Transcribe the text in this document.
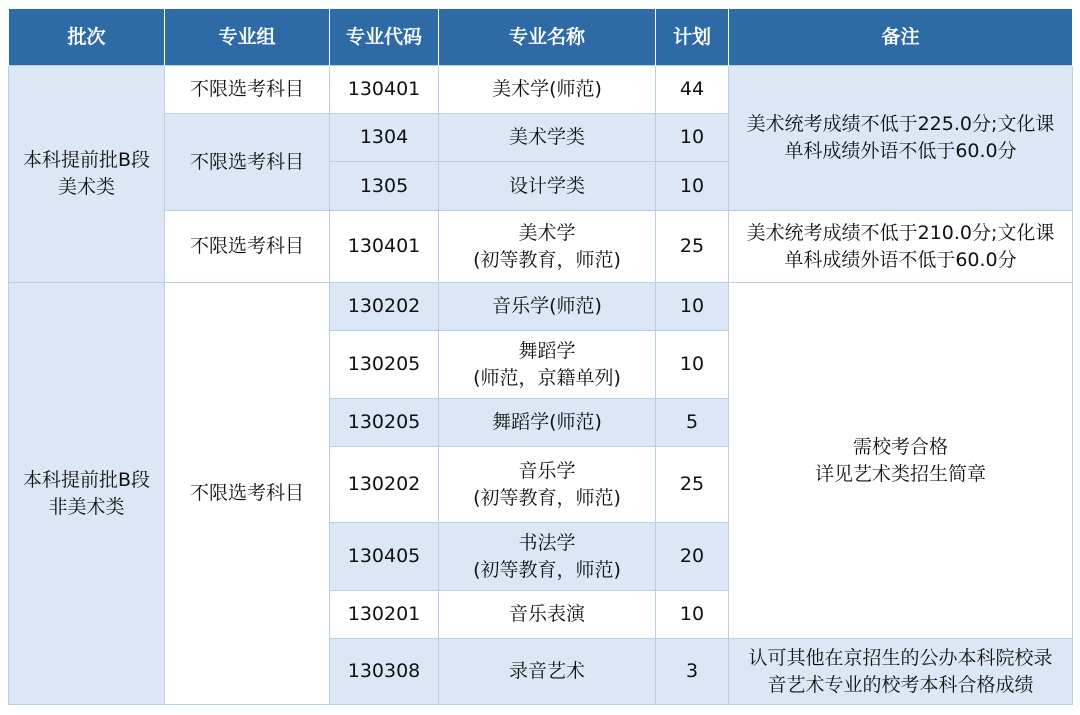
批次	专业组	专业代码	专业名称	计划	备注

本科提前批B段
美术类	不限选考科目	130401	美术学(师范)	44	美术统考成绩不低于225.0分;文化课
单科成绩外语不低于60.0分

	不限选考科目	1304	美术学类	10	
		1305	设计学类	10	
	不限选考科目	130401	美术学
(初等教育，师范)	25	美术统考成绩不低于210.0分;文化课
单科成绩外语不低于60.0分

本科提前批B段
非美术类	不限选考科目	130202	音乐学(师范)	10	需校考合格
详见艺术类招生简章

		130205	舞蹈学
(师范，京籍单列)	10	
		130205	舞蹈学(师范)	5	
		130202	音乐学
(初等教育，师范)	25	
		130405	书法学
(初等教育，师范)	20	
		130201	音乐表演	10	
		130308	录音艺术	3	认可其他在京招生的公办本科院校录
音艺术专业的校考本科合格成绩
